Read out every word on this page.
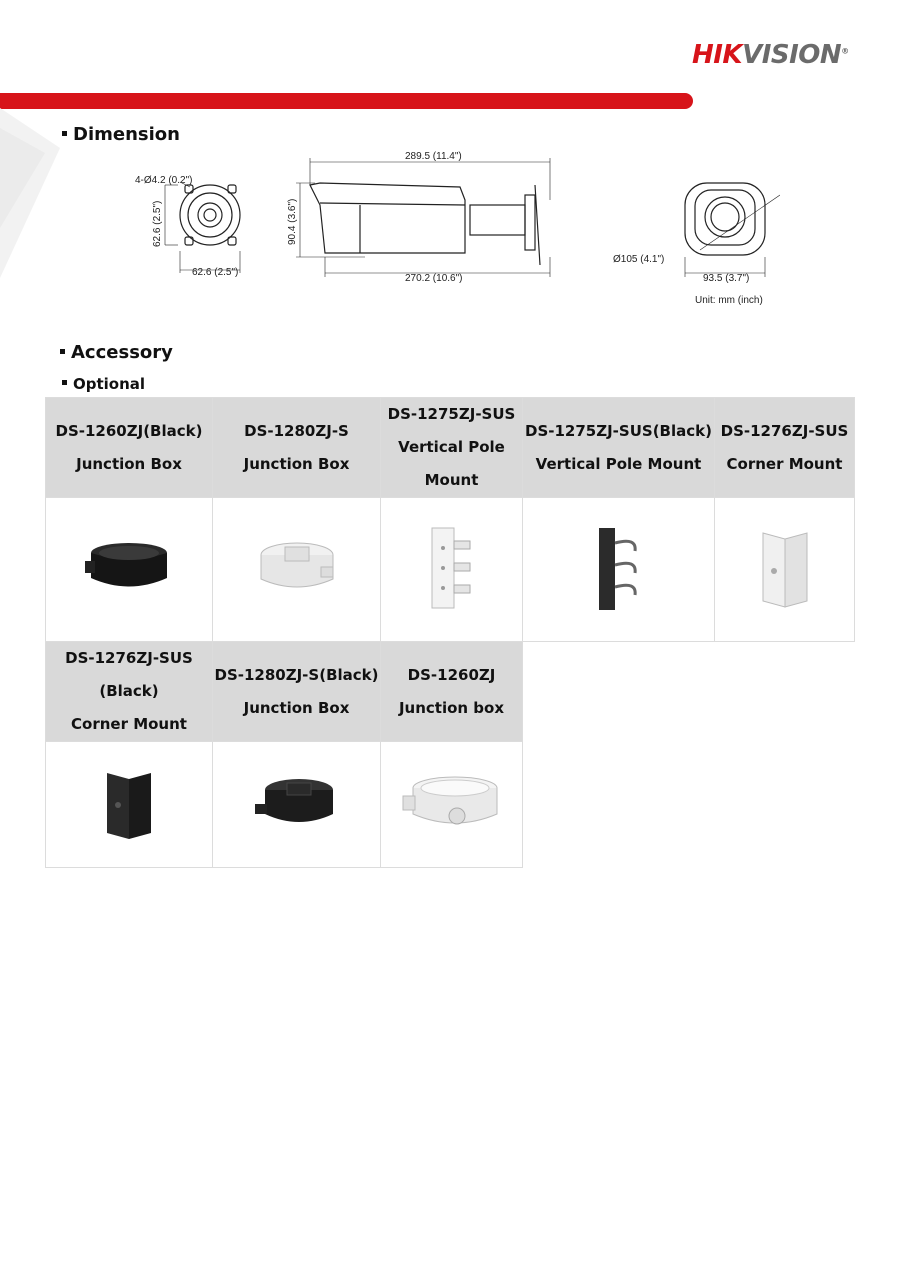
HIKVISION®
Dimension
4-Ø4.2 (0.2")
62.6 (2.5")
62.6 (2.5")
289.5 (11.4")
90.4 (3.6")
270.2 (10.6")
Ø105 (4.1")
93.5 (3.7")
Unit: mm (inch)
Accessory
Optional
DS-1260ZJ(Black)
Junction Box	DS-1280ZJ-S
Junction Box	DS-1275ZJ-SUS
Vertical Pole
Mount	DS-1275ZJ-SUS(Black)
Vertical Pole Mount	DS-1276ZJ-SUS
Corner Mount

DS-1276ZJ-SUS
(Black)
Corner Mount	DS-1280ZJ-S(Black)
Junction Box	DS-1260ZJ
Junction box		
